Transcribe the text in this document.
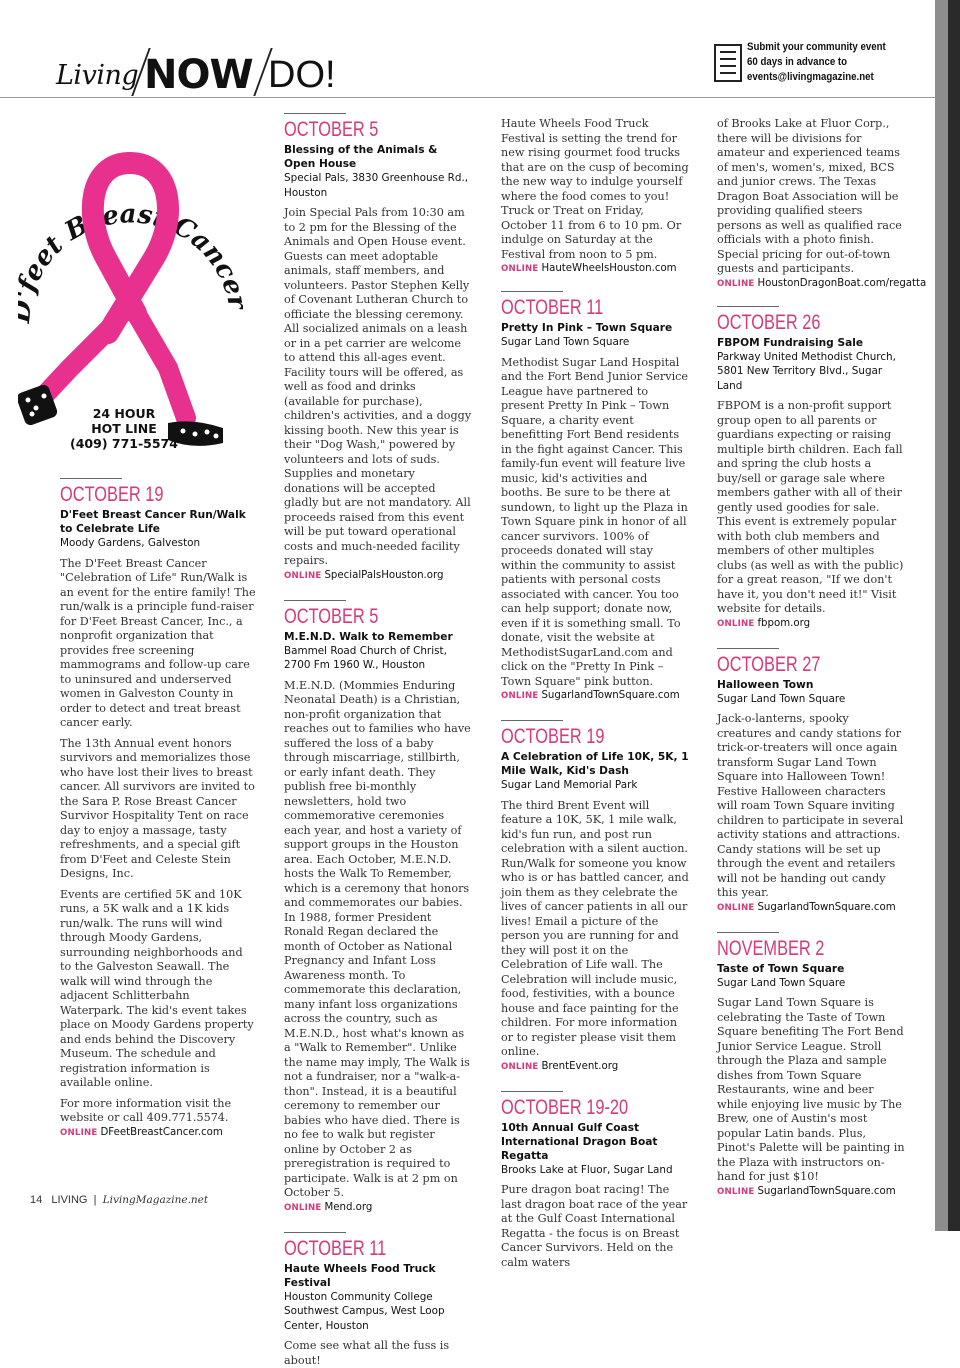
Living NOW DO!
Submit your community event
60 days in advance to
events@livingmagazine.net
eet Breast Canc
24 HOUR
HOT LINE
(409) 771-5574
OCTOBER 19
D'Feet Breast Cancer Run/Walk to Celebrate Life
Moody Gardens, Galveston

The D'Feet Breast Cancer "Celebration of Life" Run/Walk is an event for the entire family! The run/walk is a principle fund-raiser for D'Feet Breast Cancer, Inc., a nonprofit organization that provides free screening mammograms and follow-up care to uninsured and underserved women in Galveston County in order to detect and treat breast cancer early.

The 13th Annual event honors survivors and memorializes those who have lost their lives to breast cancer. All survivors are invited to the Sara P. Rose Breast Cancer Survivor Hospitality Tent on race day to enjoy a massage, tasty refreshments, and a special gift from D'Feet and Celeste Stein Designs, Inc.

Events are certified 5K and 10K runs, a 5K walk and a 1K kids run/walk. The runs will wind through Moody Gardens, surrounding neighborhoods and to the Galveston Seawall. The walk will wind through the adjacent Schlitterbahn Waterpark. The kid's event takes place on Moody Gardens property and ends behind the Discovery Museum. The schedule and registration information is available online.

For more information visit the website or call 409.771.5574.

ONLINE DFeetBreastCancer.com
OCTOBER 5
Blessing of the Animals & Open House
Special Pals, 3830 Greenhouse Rd., Houston

Join Special Pals from 10:30 am to 2 pm for the Blessing of the Animals and Open House event. Guests can meet adoptable animals, staff members, and volunteers. Pastor Stephen Kelly of Covenant Lutheran Church to officiate the blessing ceremony. All socialized animals on a leash or in a pet carrier are welcome to attend this all-ages event. Facility tours will be offered, as well as food and drinks (available for purchase), children's activities, and a doggy kissing booth. New this year is their "Dog Wash," powered by volunteers and lots of suds. Supplies and monetary donations will be accepted gladly but are not mandatory. All proceeds raised from this event will be put toward operational costs and much-needed facility repairs.

ONLINE SpecialPalsHouston.org
OCTOBER 5
M.E.N.D. Walk to Remember
Bammel Road Church of Christ, 2700 Fm 1960 W., Houston

M.E.N.D. (Mommies Enduring Neonatal Death) is a Christian, non-profit organization that reaches out to families who have suffered the loss of a baby through miscarriage, stillbirth, or early infant death. They publish free bi-monthly newsletters, hold two commemorative ceremonies each year, and host a variety of support groups in the Houston area. Each October, M.E.N.D. hosts the Walk To Remember, which is a ceremony that honors and commemorates our babies. In 1988, former President Ronald Regan declared the month of October as National Pregnancy and Infant Loss Awareness month. To commemorate this declaration, many infant loss organizations across the country, such as M.E.N.D., host what's known as a "Walk to Remember". Unlike the name may imply, The Walk is not a fundraiser, nor a "walk-a-thon". Instead, it is a beautiful ceremony to remember our babies who have died. There is no fee to walk but register online by October 2 as preregistration is required to participate. Walk is at 2 pm on October 5.

ONLINE Mend.org
OCTOBER 11
Haute Wheels Food Truck Festival
Houston Community College Southwest Campus, West Loop Center, Houston

Come see what all the fuss is about!

Haute Wheels Food Truck Festival is setting the trend for new rising gourmet food trucks that are on the cusp of becoming the new way to indulge yourself where the food comes to you! Truck or Treat on Friday, October 11 from 6 to 10 pm. Or indulge on Saturday at the Festival from noon to 5 pm.

ONLINE HauteWheelsHouston.com
OCTOBER 11
Pretty In Pink – Town Square
Sugar Land Town Square

Methodist Sugar Land Hospital and the Fort Bend Junior Service League have partnered to present Pretty In Pink – Town Square, a charity event benefitting Fort Bend residents in the fight against Cancer. This family-fun event will feature live music, kid's activities and booths. Be sure to be there at sundown, to light up the Plaza in Town Square pink in honor of all cancer survivors. 100% of proceeds donated will stay within the community to assist patients with personal costs associated with cancer. You too can help support; donate now, even if it is something small. To donate, visit the website at MethodistSugarLand.com and click on the "Pretty In Pink – Town Square" pink button.

ONLINE SugarlandTownSquare.com
OCTOBER 19
A Celebration of Life 10K, 5K, 1 Mile Walk, Kid's Dash
Sugar Land Memorial Park

The third Brent Event will feature a 10K, 5K, 1 mile walk, kid's fun run, and post run celebration with a silent auction. Run/Walk for someone you know who is or has battled cancer, and join them as they celebrate the lives of cancer patients in all our lives! Email a picture of the person you are running for and they will post it on the Celebration of Life wall. The Celebration will include music, food, festivities, with a bounce house and face painting for the children. For more information or to register please visit them online.

ONLINE BrentEvent.org
OCTOBER 19-20
10th Annual Gulf Coast International Dragon Boat Regatta
Brooks Lake at Fluor, Sugar Land

Pure dragon boat racing! The last dragon boat race of the year at the Gulf Coast International Regatta - the focus is on Breast Cancer Survivors. Held on the calm waters

of Brooks Lake at Fluor Corp., there will be divisions for amateur and experienced teams of men's, women's, mixed, BCS and junior crews. The Texas Dragon Boat Association will be providing qualified steers persons as well as qualified race officials with a photo finish. Special pricing for out-of-town guests and participants.

ONLINE HoustonDragonBoat.com/regatta
OCTOBER 26
FBPOM Fundraising Sale
Parkway United Methodist Church, 5801 New Territory Blvd., Sugar Land

FBPOM is a non-profit support group open to all parents or guardians expecting or raising multiple birth children. Each fall and spring the club hosts a buy/sell or garage sale where members gather with all of their gently used goodies for sale. This event is extremely popular with both club members and members of other multiples clubs (as well as with the public) for a great reason, "If we don't have it, you don't need it!" Visit website for details.

ONLINE fbpom.org
OCTOBER 27
Halloween Town
Sugar Land Town Square

Jack-o-lanterns, spooky creatures and candy stations for trick-or-treaters will once again transform Sugar Land Town Square into Halloween Town! Festive Halloween characters will roam Town Square inviting children to participate in several activity stations and attractions. Candy stations will be set up through the event and retailers will not be handing out candy this year.

ONLINE SugarlandTownSquare.com
NOVEMBER 2
Taste of Town Square
Sugar Land Town Square

Sugar Land Town Square is celebrating the Taste of Town Square benefiting The Fort Bend Junior Service League. Stroll through the Plaza and sample dishes from Town Square Restaurants, wine and beer while enjoying live music by The Brew, one of Austin's most popular Latin bands. Plus, Pinot's Palette will be painting in the Plaza with instructors on-hand for just $10!

ONLINE SugarlandTownSquare.com
14 LIVING | LivingMagazine.net
